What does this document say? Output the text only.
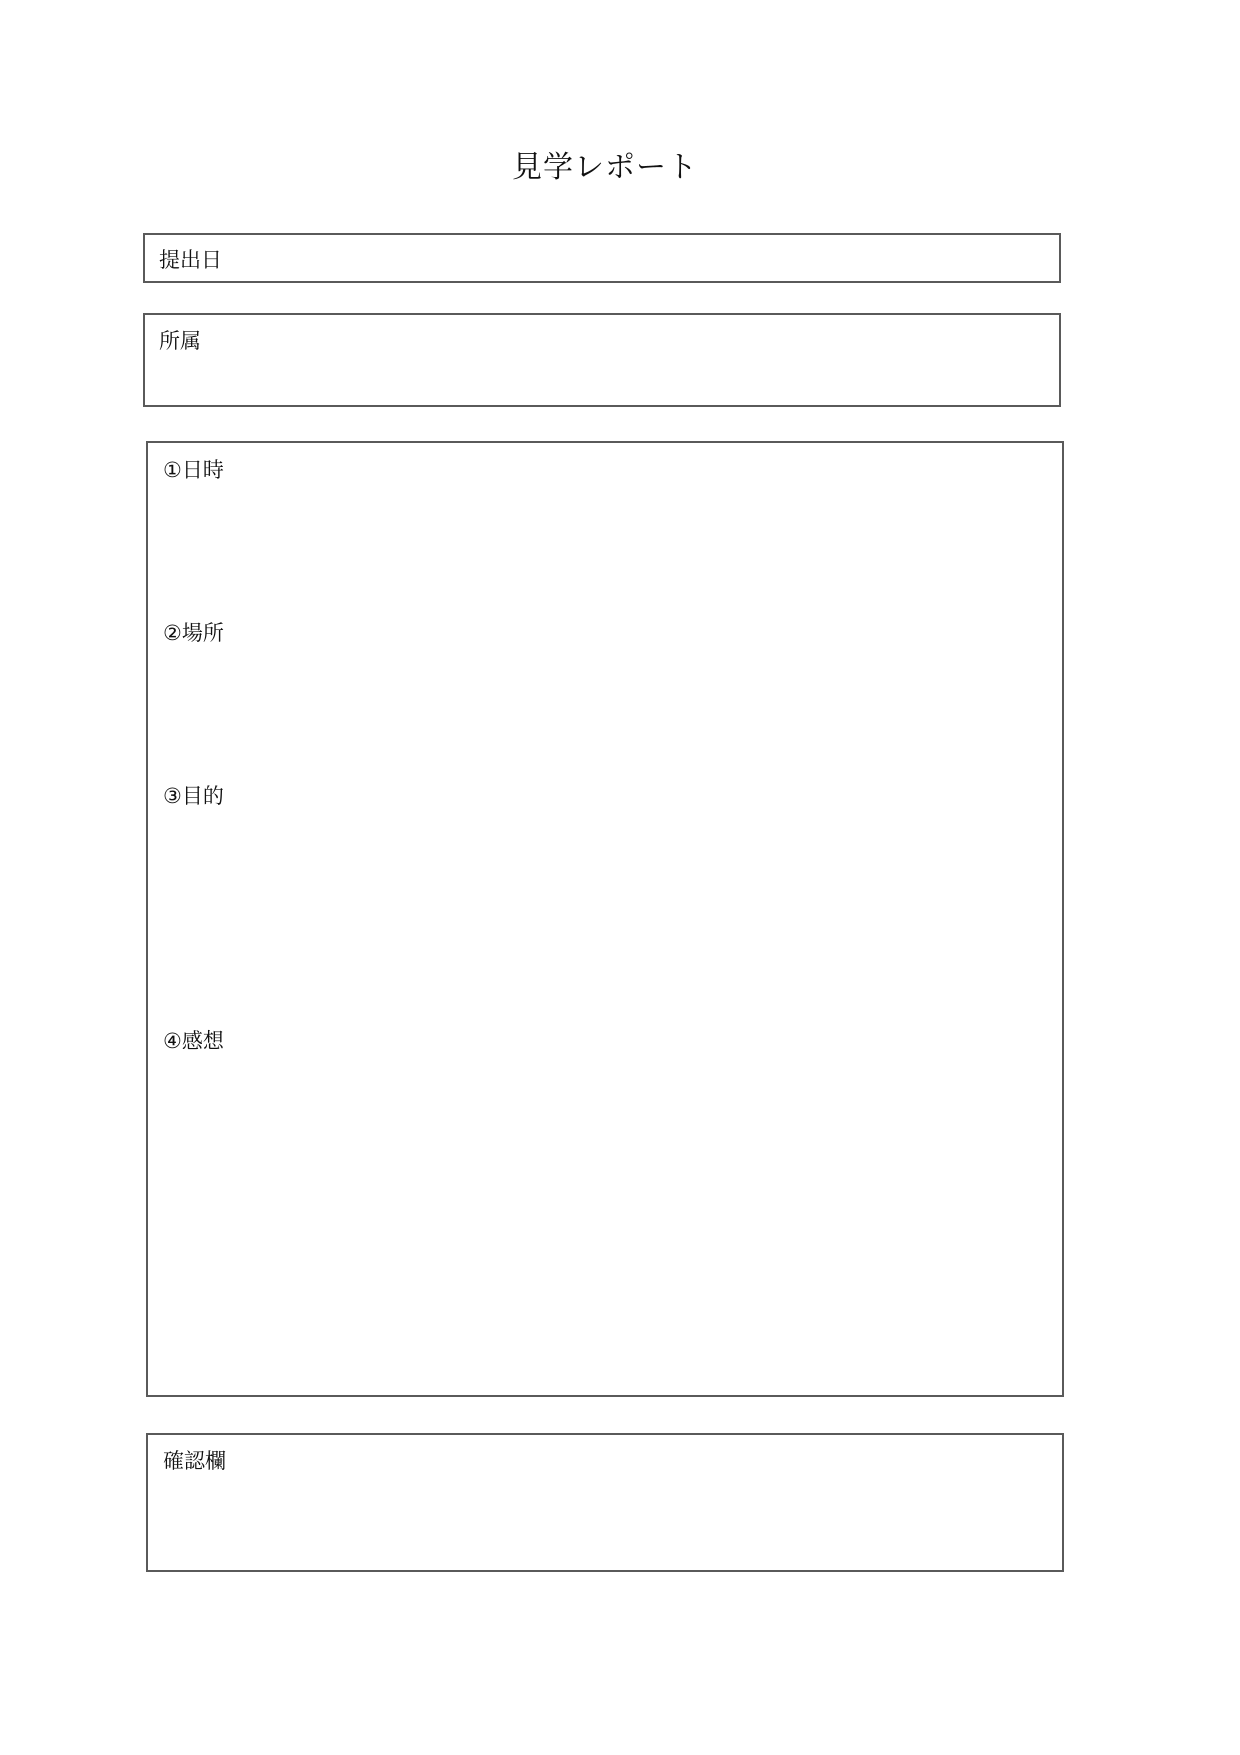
見学レポート
提出日
所属
①日時
②場所
③目的
④感想
確認欄
